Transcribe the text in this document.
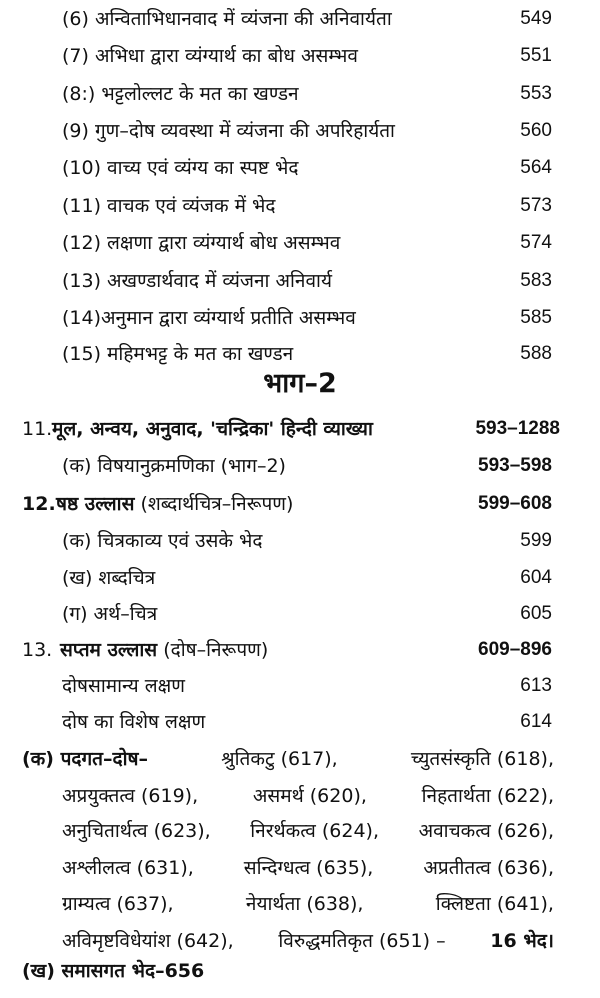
(6) अन्विताभिधानवाद में व्यंजना की अनिवार्यता	549
(7) अभिधा द्वारा व्यंग्यार्थ का बोध असम्भव	551
(8:) भट्टलोल्लट के मत का खण्डन	553
(9) गुण–दोष व्यवस्था में व्यंजना की अपरिहार्यता	560
(10) वाच्य एवं व्यंग्य का स्पष्ट भेद	564
(11) वाचक एवं व्यंजक में भेद	573
(12) लक्षणा द्वारा व्यंग्यार्थ बोध असम्भव	574
(13) अखण्डार्थवाद में व्यंजना अनिवार्य	583
(14)अनुमान द्वारा व्यंग्यार्थ प्रतीति असम्भव	585
(15) महिमभट्ट के मत का खण्डन	588
भाग–2
11. मूल, अन्वय, अनुवाद, 'चन्द्रिका' हिन्दी व्याख्या	593–1288
(क) विषयानुक्रमणिका (भाग–2)	593–598
12. षष्ठ उल्लास (शब्दार्थचित्र–निरूपण)	599–608
(क) चित्रकाव्य एवं उसके भेद	599
(ख) शब्दचित्र	604
(ग) अर्थ–चित्र	605
13. सप्तम उल्लास (दोष–निरूपण)	609–896
दोषसामान्य लक्षण	613
दोष का विशेष लक्षण	614
(क) पदगत–दोष–	श्रुतिकटु (617),	च्युतसंस्कृति (618),
अप्रयुक्तत्व (619),	असमर्थ (620),	निहतार्थता (622),
अनुचितार्थत्व (623), निरर्थकत्व (624), अवाचकत्व (626),
अश्लीलत्व (631),	सन्दिग्धत्व (635),	अप्रतीतत्व (636),
ग्राम्यत्व (637),	नेयार्थता (638),	क्लिष्टता (641),
अविमृष्टविधेयांश (642), विरुद्धमतिकृत (651) – 16 भेद।
(ख) समासगत भेद–656
